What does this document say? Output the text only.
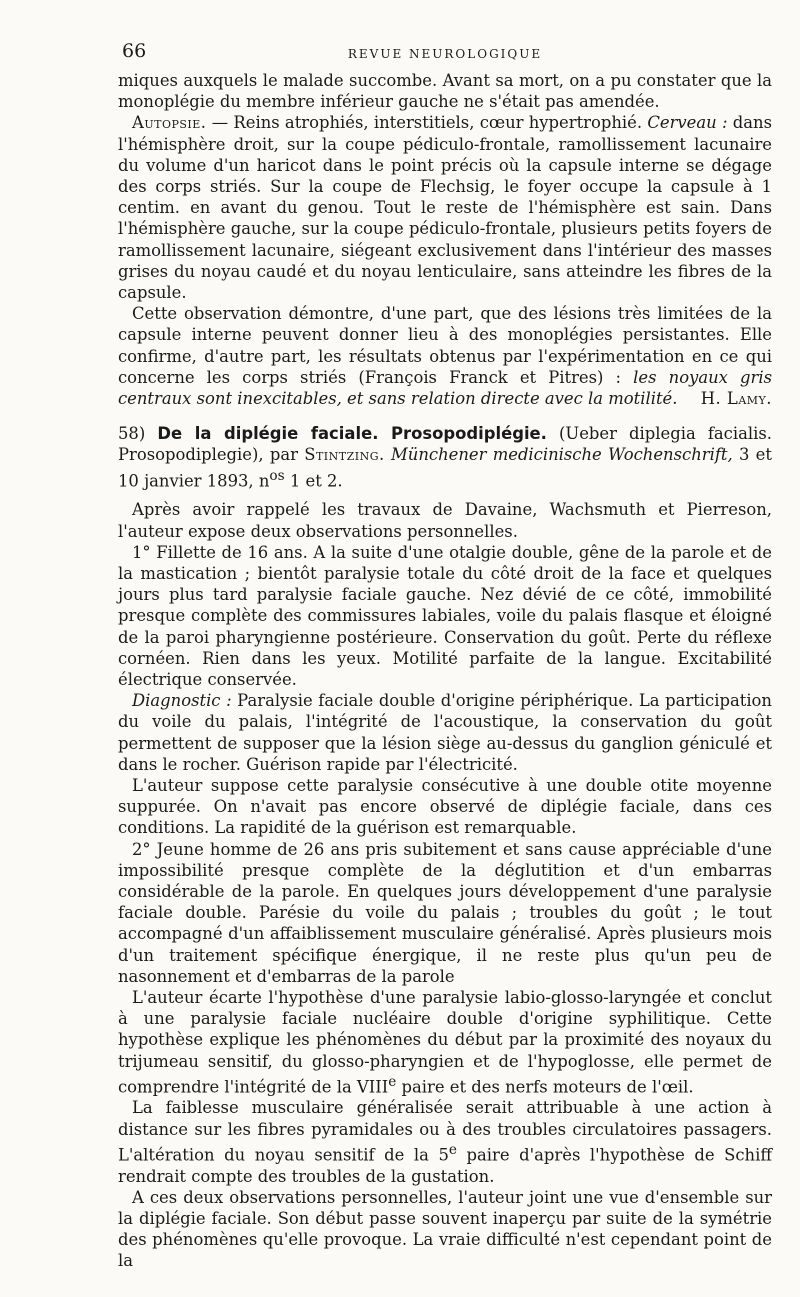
66	REVUE NEUROLOGIQUE

miques auxquels le malade succombe. Avant sa mort, on a pu constater que la monoplégie du membre inférieur gauche ne s'était pas amendée.

Autopsie. — Reins atrophiés, interstitiels, cœur hypertrophié. Cerveau : dans l'hémisphère droit, sur la coupe pédiculo-frontale, ramollissement lacunaire du volume d'un haricot dans le point précis où la capsule interne se dégage des corps striés. Sur la coupe de Flechsig, le foyer occupe la capsule à 1 centim. en avant du genou. Tout le reste de l'hémisphère est sain. Dans l'hémisphère gauche, sur la coupe pédiculo-frontale, plusieurs petits foyers de ramollissement lacunaire, siégeant exclusivement dans l'intérieur des masses grises du noyau caudé et du noyau lenticulaire, sans atteindre les fibres de la capsule.

Cette observation démontre, d'une part, que des lésions très limitées de la capsule interne peuvent donner lieu à des monoplégies persistantes. Elle confirme, d'autre part, les résultats obtenus par l'expérimentation en ce qui concerne les corps striés (François Franck et Pitres) : les noyaux gris centraux sont inexcitables, et sans relation directe avec la motilité.	H. Lamy.

58) De la diplégie faciale. Prosopodiplégie. (Ueber diplegia facialis. Prosopodiplegie), par Stintzing. Münchener medicinische Wochenschrift, 3 et 10 janvier 1893, $n^{os}$ 1 et 2.

Après avoir rappelé les travaux de Davaine, Wachsmuth et Pierreson, l'auteur expose deux observations personnelles.

1° Fillette de 16 ans. A la suite d'une otalgie double, gêne de la parole et de la mastication ; bientôt paralysie totale du côté droit de la face et quelques jours plus tard paralysie faciale gauche. Nez dévié de ce côté, immobilité presque complète des commissures labiales, voile du palais flasque et éloigné de la paroi pharyngienne postérieure. Conservation du goût. Perte du réflexe cornéen. Rien dans les yeux. Motilité parfaite de la langue. Excitabilité électrique conservée.

Diagnostic : Paralysie faciale double d'origine périphérique. La participation du voile du palais, l'intégrité de l'acoustique, la conservation du goût permettent de supposer que la lésion siège au-dessus du ganglion géniculé et dans le rocher. Guérison rapide par l'électricité.

L'auteur suppose cette paralysie consécutive à une double otite moyenne suppurée. On n'avait pas encore observé de diplégie faciale, dans ces conditions. La rapidité de la guérison est remarquable.

2° Jeune homme de 26 ans pris subitement et sans cause appréciable d'une impossibilité presque complète de la déglutition et d'un embarras considérable de la parole. En quelques jours développement d'une paralysie faciale double. Parésie du voile du palais ; troubles du goût ; le tout accompagné d'un affaiblissement musculaire généralisé. Après plusieurs mois d'un traitement spécifique énergique, il ne reste plus qu'un peu de nasonnement et d'embarras de la parole

L'auteur écarte l'hypothèse d'une paralysie labio-glosso-laryngée et conclut à une paralysie faciale nucléaire double d'origine syphilitique. Cette hypothèse explique les phénomènes du début par la proximité des noyaux du trijumeau sensitif, du glosso-pharyngien et de l'hypoglosse, elle permet de comprendre l'intégrité de la VIIIe paire et des nerfs moteurs de l'œil.

La faiblesse musculaire généralisée serait attribuable à une action à distance sur les fibres pyramidales ou à des troubles circulatoires passagers. L'altération du noyau sensitif de la 5e paire d'après l'hypothèse de Schiff rendrait compte des troubles de la gustation.

A ces deux observations personnelles, l'auteur joint une vue d'ensemble sur la diplégie faciale. Son début passe souvent inaperçu par suite de la symétrie des phénomènes qu'elle provoque. La vraie difficulté n'est cependant point de la
